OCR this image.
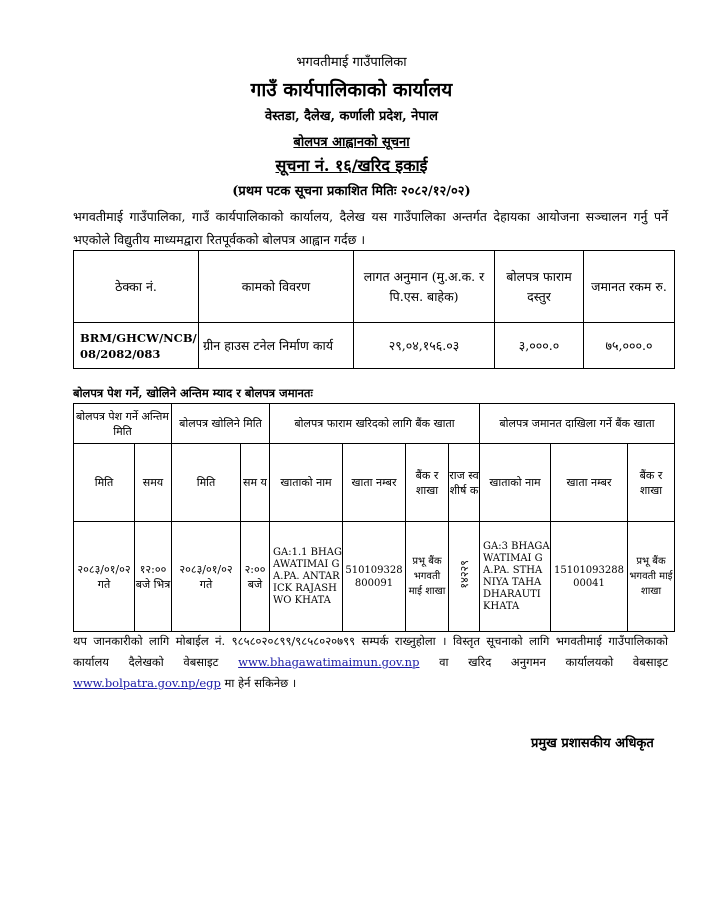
भगवतीमाई गाउँपालिका
गाउँ कार्यपालिकाको कार्यालय
वेस्तडा, दैलेख, कर्णाली प्रदेश, नेपाल
बोलपत्र आह्वानको सूचना
सूचना नं. १६/खरिद इकाई
(प्रथम पटक सूचना प्रकाशित मितिः २०८२/१२/०२)
भगवतीमाई गाउँपालिका, गाउँ कार्यपालिकाको कार्यालय, दैलेख यस गाउँपालिका अन्तर्गत देहायका आयोजना सञ्चालन गर्नु पर्ने भएकोले विद्युतीय माध्यमद्वारा रितपूर्वकको बोलपत्र आह्वान गर्दछ ।
ठेक्का नं.	कामको विवरण	लागत अनुमान (मु.अ.क. र पि.एस. बाहेक)	बोलपत्र फाराम दस्तुर	जमानत रकम रु.
BRM/GHCW/NCB/08/2082/083	ग्रीन हाउस टनेल निर्माण कार्य	२९,०४,१५६.०३	३,०००.०	७५,०००.०
बोलपत्र पेश गर्ने, खोलिने अन्तिम म्याद र बोलपत्र जमानतः
बोलपत्र पेश गर्ने अन्तिम मिति		बोलपत्र खोलिने मिति		बोलपत्र फाराम खरिदको लागि बैंक खाता				बोलपत्र जमानत दाखिला गर्ने बैंक खाता		
मिति	समय	मिति	सम य	खाताको नाम	खाता नम्बर	बैंक र शाखा	राज स्व शीर्ष क	खाताको नाम	खाता नम्बर	बैंक र शाखा
२०८३/०१/०२ गते	१२:०० बजे भित्र	२०८३/०१/०२ गते	२:०० बजे	GA:1.1 BHAGAWATIMAI GA.PA. ANTARICK RAJASHWO KHATA	510109328800091	प्रभू बैंक भगवती माई शाखा	१४२२९	GA:3 BHAGAWATIMAI GA.PA. STHANIYA TAHA DHARAUTI KHATA	1510109328800041	प्रभू बैंक भगवती माई शाखा
थप जानकारीको लागि मोबाईल नं. ९८५८०२०८९९/९८५८०२०७९९ सम्पर्क राख्नुहोला । विस्तृत सूचनाको लागि भगवतीमाई गाउँपालिकाको कार्यालय दैलेखको वेबसाइट www.bhagawatimaimun.gov.np वा खरिद अनुगमन कार्यालयको वेबसाइट www.bolpatra.gov.np/egp मा हेर्न सकिनेछ ।
प्रमुख प्रशासकीय अधिकृत
